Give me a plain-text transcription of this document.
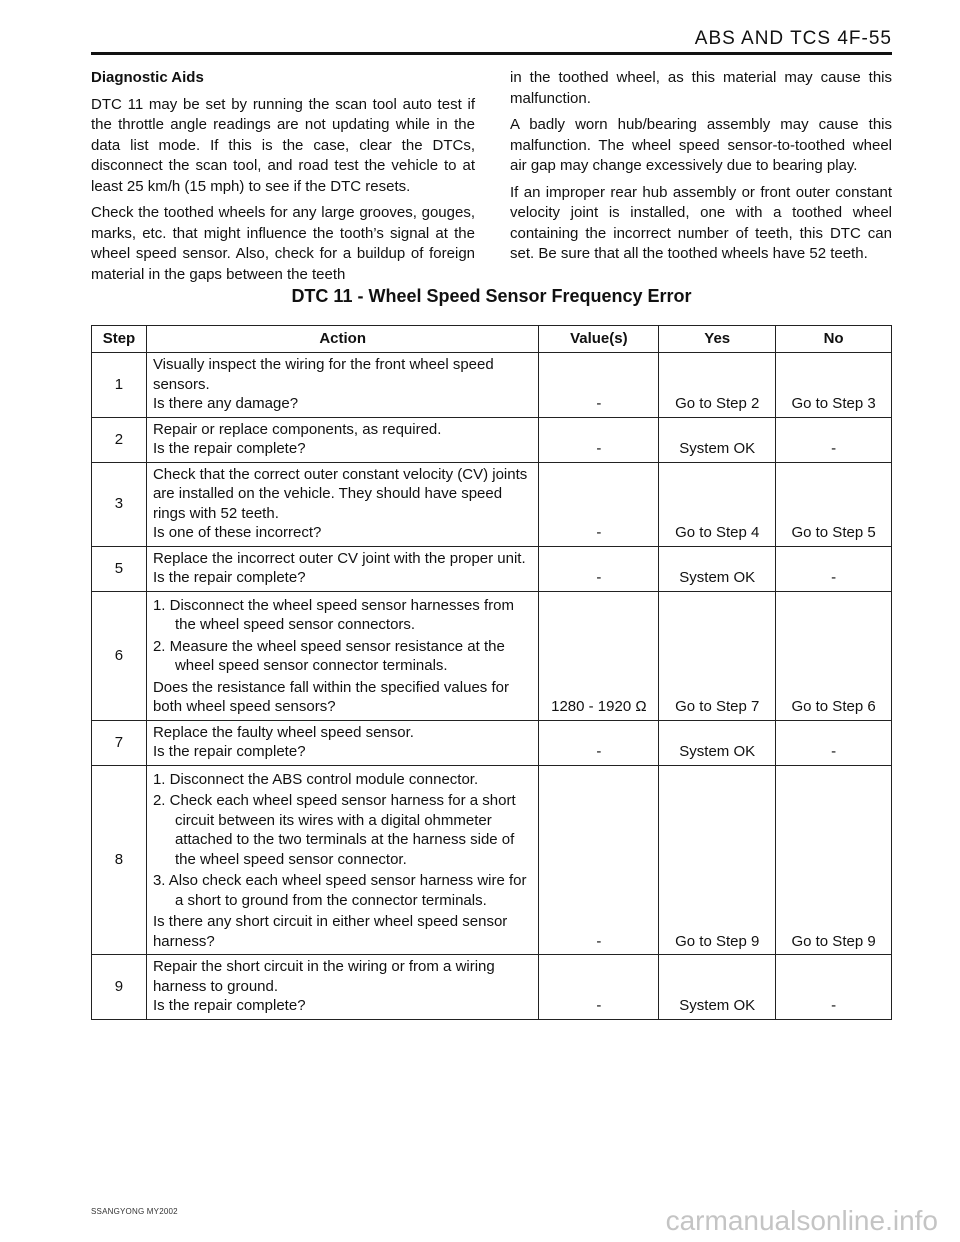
ABS AND TCS 4F-55

Diagnostic Aids

DTC 11 may be set by running the scan tool auto test if the throttle angle readings are not updating while in the data list mode. If this is the case, clear the DTCs, disconnect the scan tool, and road test the vehicle to at least 25 km/h (15 mph) to see if the DTC resets.

Check the toothed wheels for any large grooves, gouges, marks, etc. that might influence the tooth’s signal at the wheel speed sensor. Also, check for a buildup of foreign material in the gaps between the teeth

in the toothed wheel, as this material may cause this malfunction.

A badly worn hub/bearing assembly may cause this malfunction. The wheel speed sensor-to-toothed wheel air gap may change excessively due to bearing play.

If an improper rear hub assembly or front outer constant velocity joint is installed, one with a toothed wheel containing the incorrect number of teeth, this DTC can set. Be sure that all the toothed wheels have 52 teeth.

DTC 11 - Wheel Speed Sensor Frequency Error
Step	Action	Value(s)	Yes	No
1	Visually inspect the wiring for the front wheel speed sensors.
Is there any damage?	-	Go to Step 2	Go to Step 3
2	Repair or replace components, as required.
Is the repair complete?	-	System OK	-
3	Check that the correct outer constant velocity (CV) joints are installed on the vehicle. They should have speed rings with 52 teeth.
Is one of these incorrect?	-	Go to Step 4	Go to Step 5
5	Replace the incorrect outer CV joint with the proper unit.
Is the repair complete?	-	System OK	-
6	1. Disconnect the wheel speed sensor harnesses from the wheel speed sensor connectors.
2. Measure the wheel speed sensor resistance at the wheel speed sensor connector terminals.
Does the resistance fall within the specified values for both wheel speed sensors?	1280 - 1920 Ω	Go to Step 7	Go to Step 6
7	Replace the faulty wheel speed sensor.
Is the repair complete?	-	System OK	-
8	1. Disconnect the ABS control module connector.
2. Check each wheel speed sensor harness for a short circuit between its wires with a digital ohmmeter attached to the two terminals at the harness side of the wheel speed sensor connector.
3. Also check each wheel speed sensor harness wire for a short to ground from the connector terminals.
Is there any short circuit in either wheel speed sensor harness?	-	Go to Step 9	Go to Step 9
9	Repair the short circuit in the wiring or from a wiring harness to ground.
Is the repair complete?	-	System OK	-
SSANGYONG MY2002	carmanualsonline.info
